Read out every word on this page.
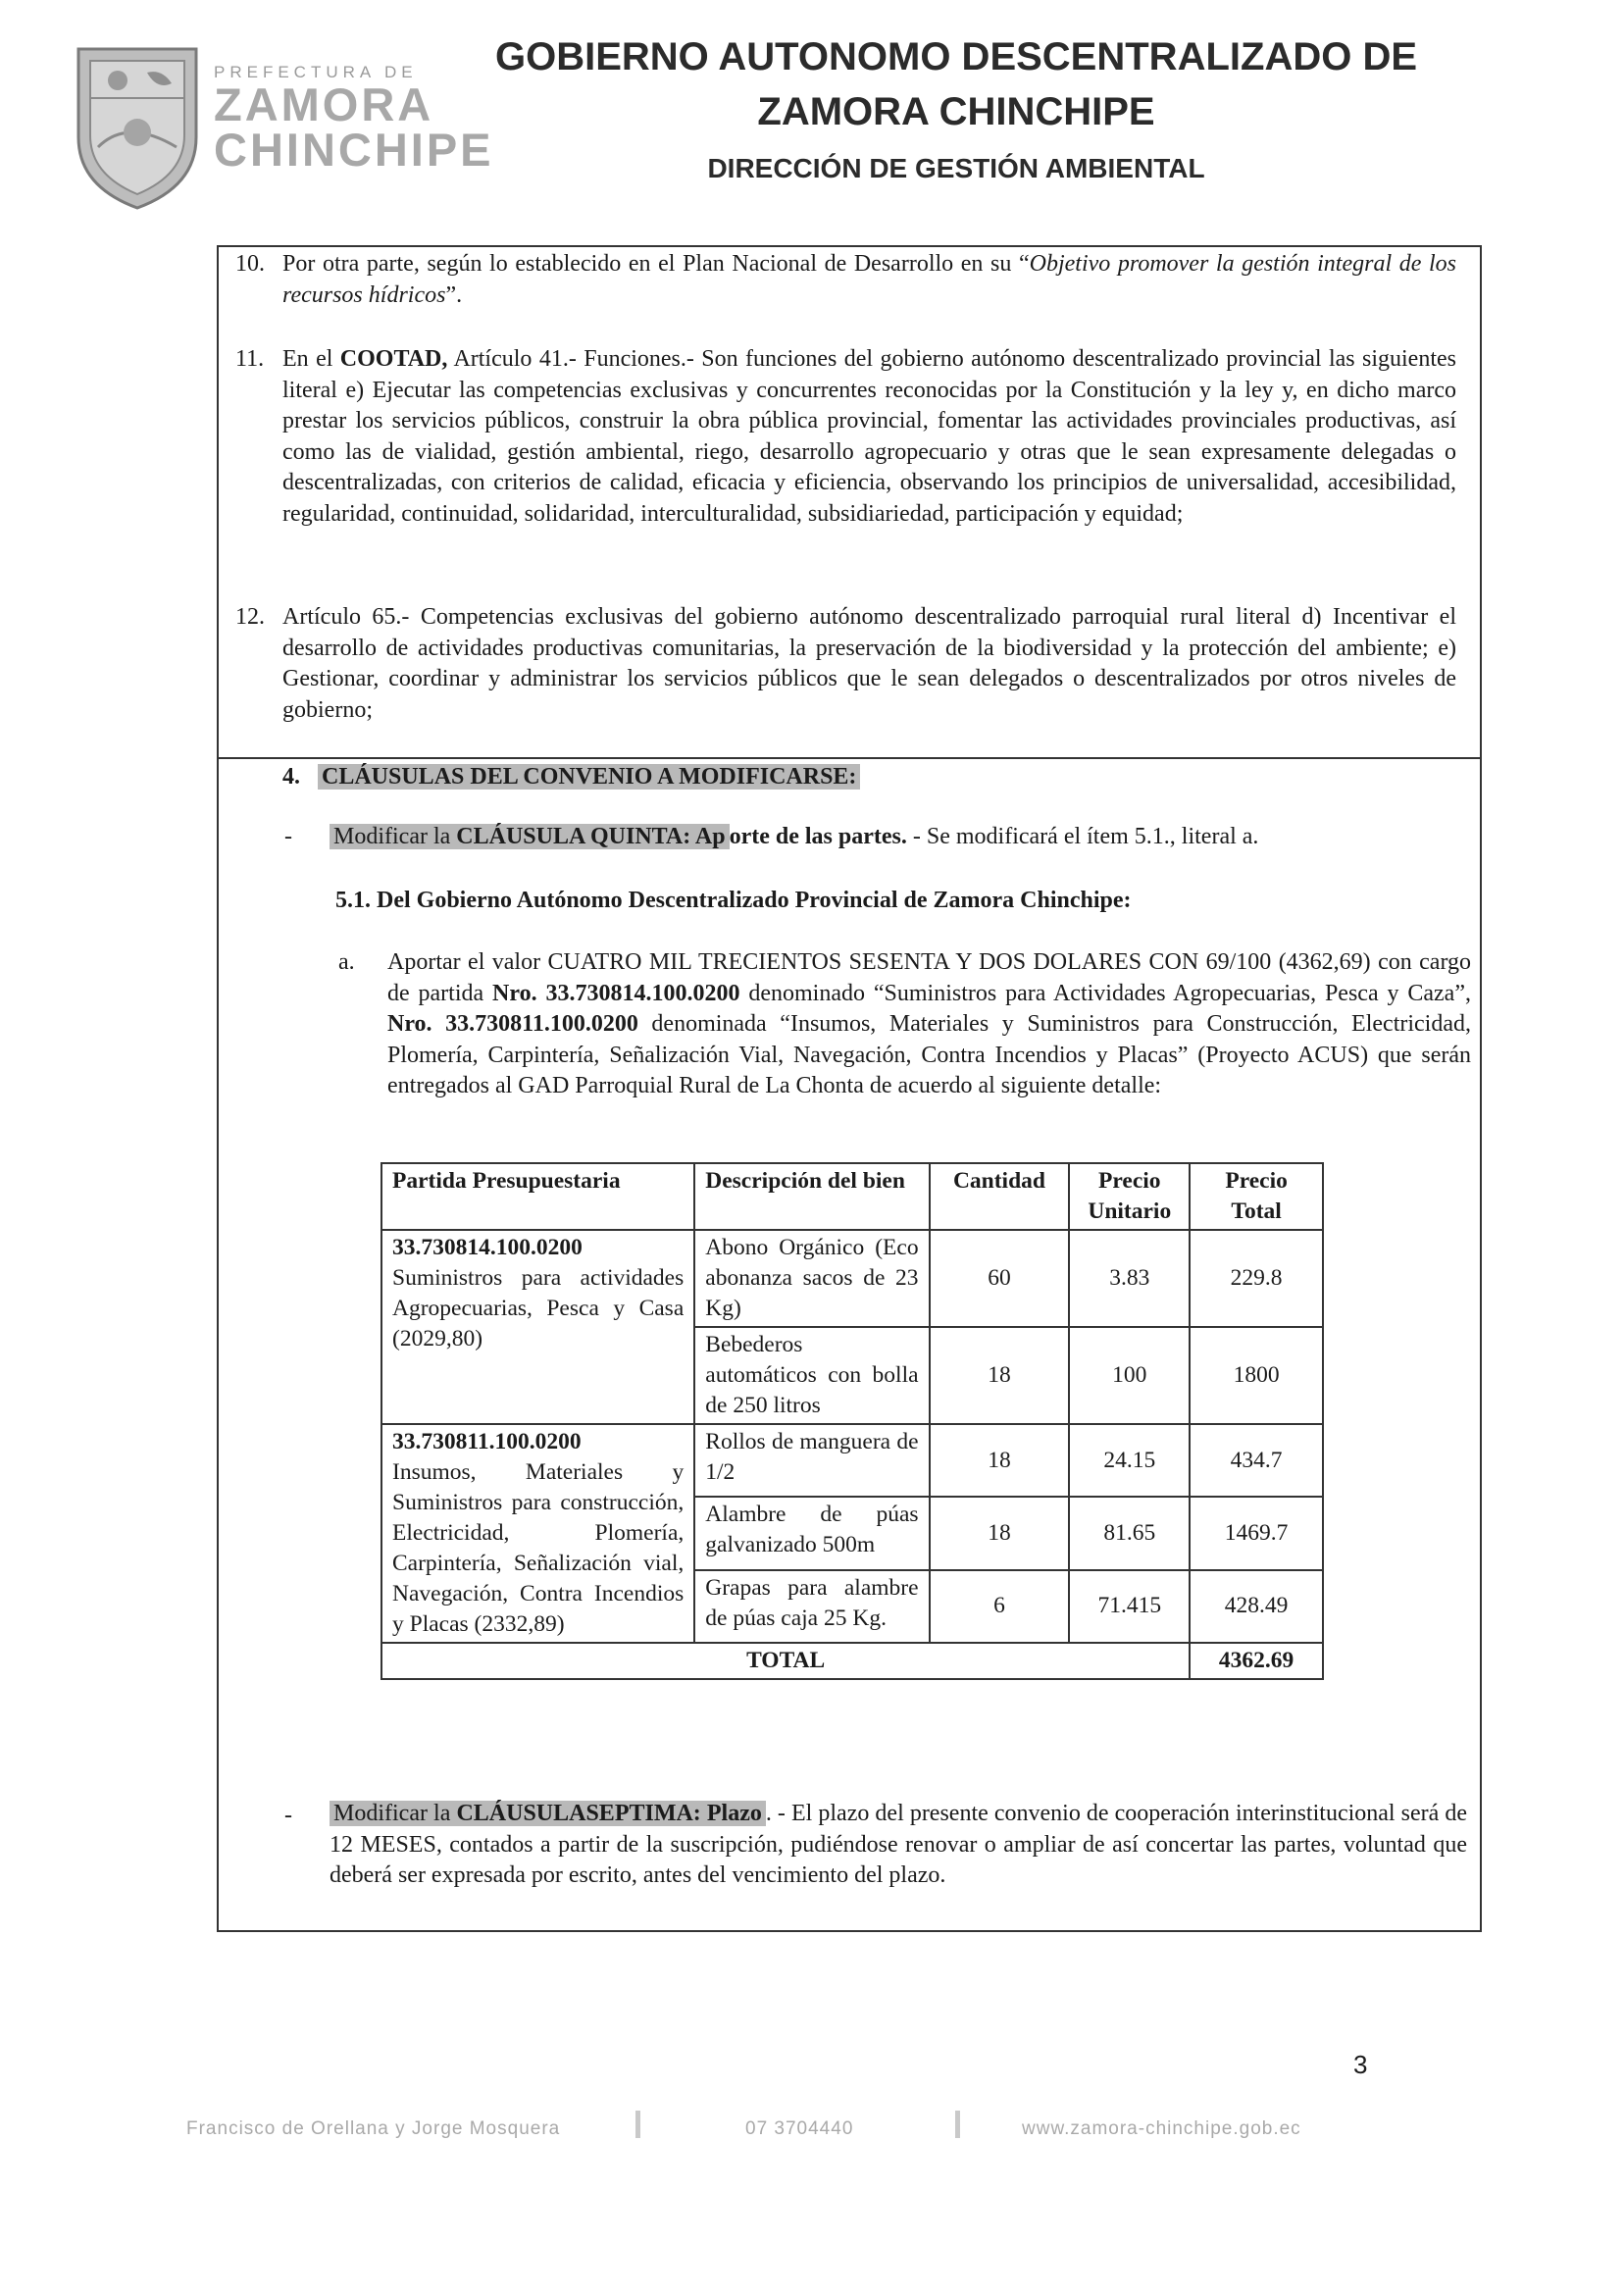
PREFECTURA DE
ZAMORA
CHINCHIPE
GOBIERNO AUTONOMO DESCENTRALIZADO DE
ZAMORA CHINCHIPE
DIRECCIÓN DE GESTIÓN AMBIENTAL
10. Por otra parte, según lo establecido en el Plan Nacional de Desarrollo en su “Objetivo promover la gestión integral de los recursos hídricos”.
11. En el COOTAD, Artículo 41.- Funciones.- Son funciones del gobierno autónomo descentralizado provincial las siguientes literal e) Ejecutar las competencias exclusivas y concurrentes reconocidas por la Constitución y la ley y, en dicho marco prestar los servicios públicos, construir la obra pública provincial, fomentar las actividades provinciales productivas, así como las de vialidad, gestión ambiental, riego, desarrollo agropecuario y otras que le sean expresamente delegadas o descentralizadas, con criterios de calidad, eficacia y eficiencia, observando los principios de universalidad, accesibilidad, regularidad, continuidad, solidaridad, interculturalidad, subsidiariedad, participación y equidad;
12. Artículo 65.- Competencias exclusivas del gobierno autónomo descentralizado parroquial rural literal d) Incentivar el desarrollo de actividades productivas comunitarias, la preservación de la biodiversidad y la protección del ambiente; e) Gestionar, coordinar y administrar los servicios públicos que le sean delegados o descentralizados por otros niveles de gobierno;
4. CLÁUSULAS DEL CONVENIO A MODIFICARSE:
- Modificar la CLÁUSULA QUINTA: Ap orte de las partes. - Se modificará el ítem 5.1., literal a.
5.1. Del Gobierno Autónomo Descentralizado Provincial de Zamora Chinchipe:
a. Aportar el valor CUATRO MIL TRECIENTOS SESENTA Y DOS DOLARES CON 69/100 (4362,69) con cargo de partida Nro. 33.730814.100.0200 denominado “Suministros para Actividades Agropecuarias, Pesca y Caza”, Nro. 33.730811.100.0200 denominada “Insumos, Materiales y Suministros para Construcción, Electricidad, Plomería, Carpintería, Señalización Vial, Navegación, Contra Incendios y Placas” (Proyecto ACUS) que serán entregados al GAD Parroquial Rural de La Chonta de acuerdo al siguiente detalle:
Partida Presupuestaria	Descripción del bien	Cantidad	Precio Unitario	Precio Total
33.730814.100.0200
Suministros para actividades Agropecuarias, Pesca y Casa (2029,80)	Abono Orgánico (Eco abonanza sacos de 23 Kg)	60	3.83	229.8
	Bebederos automáticos con bolla de 250 litros	18	100	1800
33.730811.100.0200
Insumos, Materiales y Suministros para construcción, Electricidad, Plomería, Carpintería, Señalización vial, Navegación, Contra Incendios y Placas (2332,89)	Rollos de manguera de 1/2	18	24.15	434.7
	Alambre de púas galvanizado 500m	18	81.65	1469.7
	Grapas para alambre de púas caja 25 Kg.	6	71.415	428.49
TOTAL				4362.69
- Modificar la CLÁUSULASEPTIMA: Plazo . - El plazo del presente convenio de cooperación interinstitucional será de 12 MESES, contados a partir de la suscripción, pudiéndose renovar o ampliar de así concertar las partes, voluntad que deberá ser expresada por escrito, antes del vencimiento del plazo.
3
Francisco de Orellana y Jorge Mosquera	07 3704440	www.zamora-chinchipe.gob.ec
